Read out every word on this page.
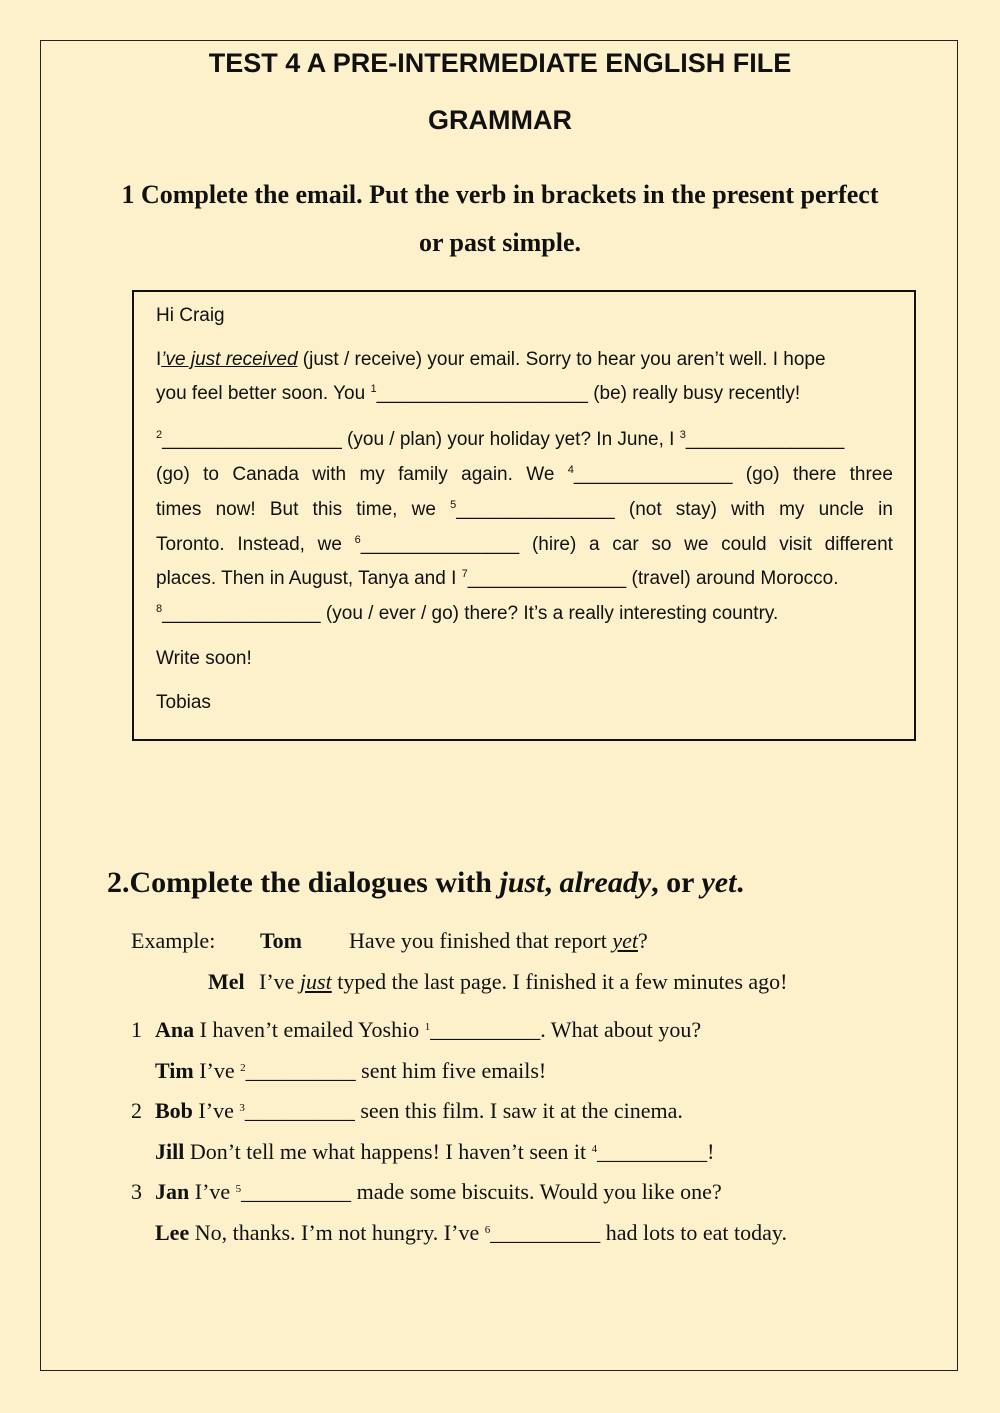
TEST 4 A PRE-INTERMEDIATE ENGLISH FILE
GRAMMAR
1 Complete the email. Put the verb in brackets in the present perfect
or past simple.
Hi Craig
I’ve just received (just / receive) your email. Sorry to hear you aren’t well. I hope
you feel better soon. You $^1$____________________ (be) really busy recently!
$^2$_________________ (you / plan) your holiday yet? In June, I $^3$_______________
(go) to Canada with my family again. We $^4$_______________ (go) there three
times now! But this time, we $^5$_______________ (not stay) with my uncle in
Toronto. Instead, we $^6$_______________ (hire) a car so we could visit different
places. Then in August, Tanya and I $^7$_______________ (travel) around Morocco.
$^8$_______________ (you / ever / go) there? It’s a really interesting country.
Write soon!
Tobias
2.Complete the dialogues with just, already, or yet.
Example: Tom Have you finished that report yet?
Mel I’ve just typed the last page. I finished it a few minutes ago!
1 Ana I haven’t emailed Yoshio $^1$__________. What about you?
Tim I’ve $^2$__________ sent him five emails!
2 Bob I’ve $^3$__________ seen this film. I saw it at the cinema.
Jill Don’t tell me what happens! I haven’t seen it $^4$__________!
3 Jan I’ve $^5$__________ made some biscuits. Would you like one?
Lee No, thanks. I’m not hungry. I’ve $^6$__________ had lots to eat today.
